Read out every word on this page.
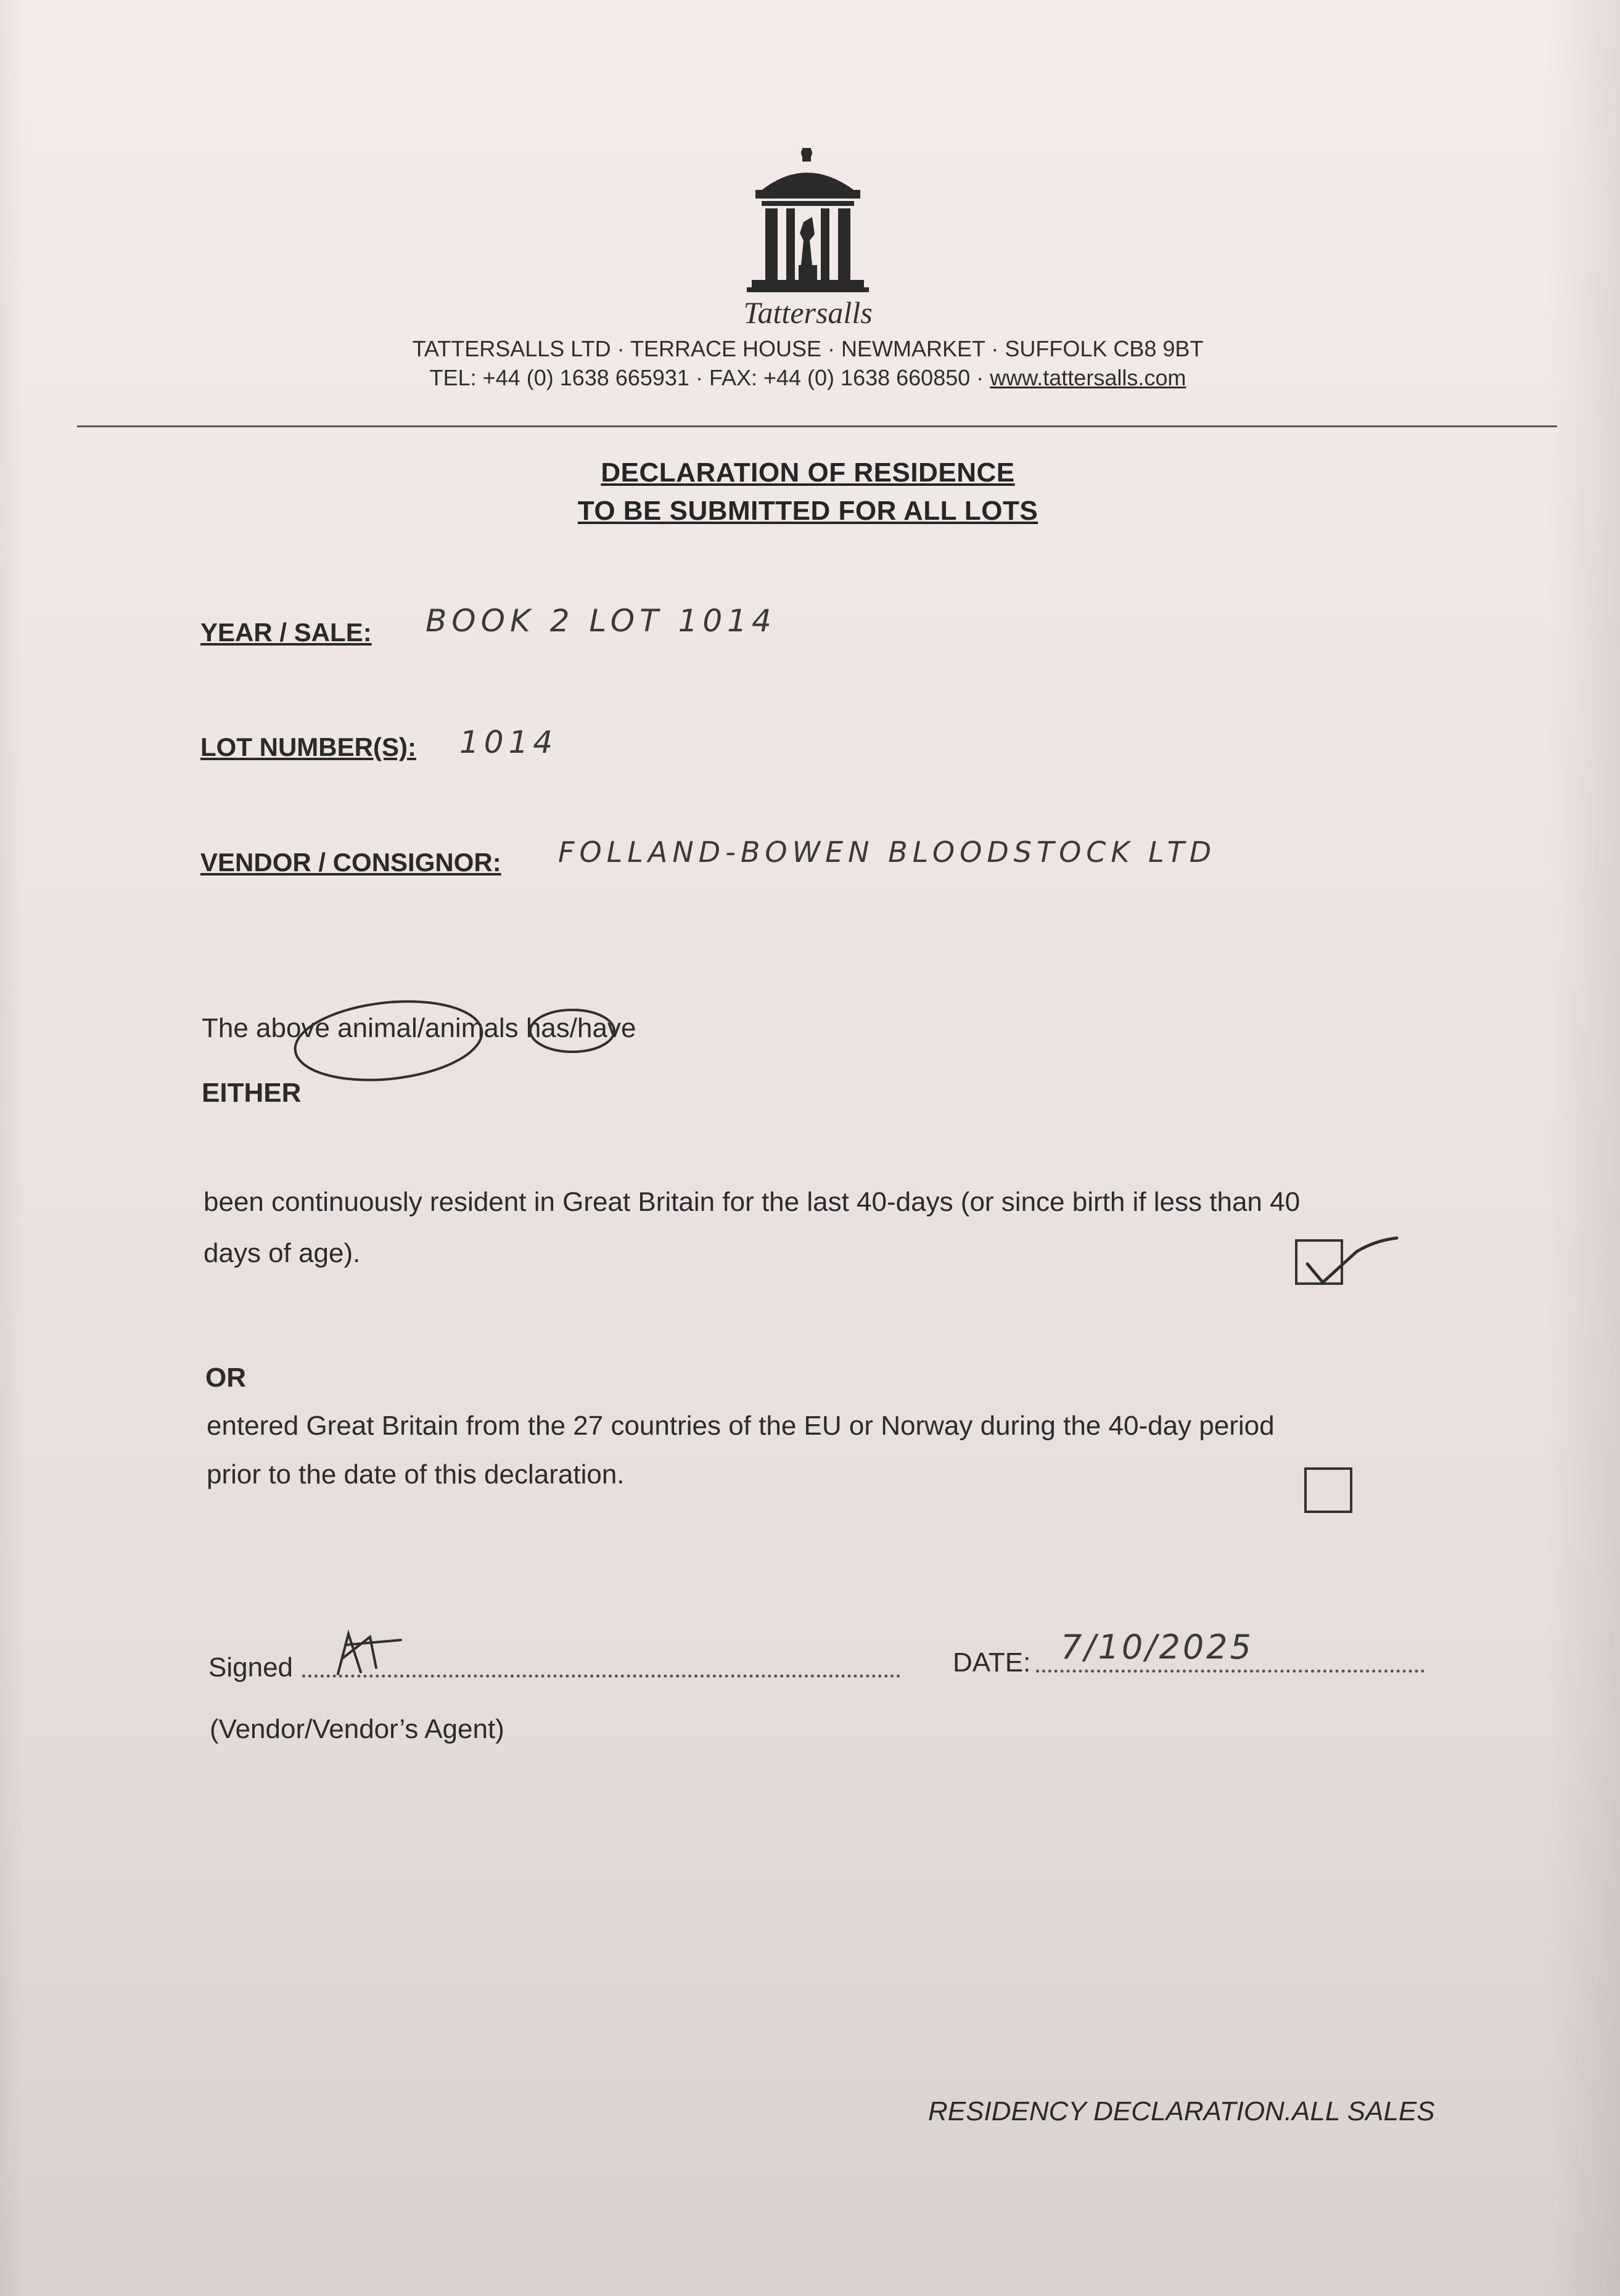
Tattersalls
TATTERSALLS LTD · TERRACE HOUSE · NEWMARKET · SUFFOLK CB8 9BT
TEL: +44 (0) 1638 665931 · FAX: +44 (0) 1638 660850 · www.tattersalls.com
DECLARATION OF RESIDENCE
TO BE SUBMITTED FOR ALL LOTS
YEAR / SALE: BOOK 2 LOT 1014
LOT NUMBER(S): 1014
VENDOR / CONSIGNOR: FOLLAND-BOWEN BLOODSTOCK LTD
The above animal/animals has/have
EITHER
been continuously resident in Great Britain for the last 40-days (or since birth if less than 40
days of age).
OR
entered Great Britain from the 27 countries of the EU or Norway during the 40-day period
prior to the date of this declaration.
Signed	DATE: 7/10/2025
(Vendor/Vendor’s Agent)
RESIDENCY DECLARATION.ALL SALES
